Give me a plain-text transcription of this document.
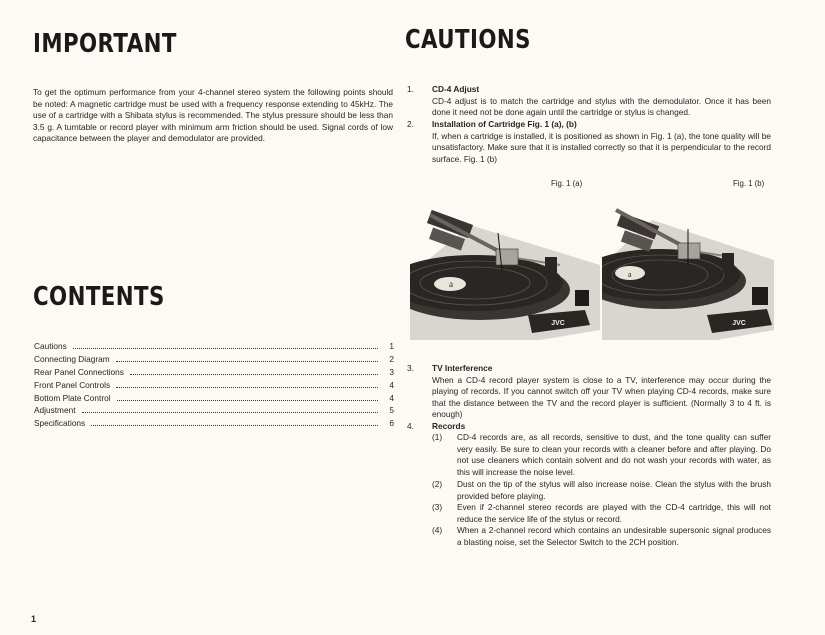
IMPORTANT
To get the optimum performance from your 4-channel stereo system the following points should be noted: A magnetic cartridge must be used with a frequency response extending to 45kHz. The use of a cartridge with a Shibata stylus is recommended. The stylus pressure should be less than 3.5 g. A turntable or record player with minimum arm friction should be used. Signal cords of low capacitance between the player and demodulator are provided.
CONTENTS
Cautions	1
Connecting Diagram	2
Rear Panel Connections	3
Front Panel Controls	4
Bottom Plate Control	4
Adjustment	5
Specifications	6
CAUTIONS
1. CD-4 Adjust
CD-4 adjust is to match the cartridge and stylus with the demodulator. Once it has been done it need not be done again until the cartridge or stylus is changed.
2. Installation of Cartridge Fig. 1 (a), (b)
If, when a cartridge is installed, it is positioned as shown in Fig. 1 (a), the tone quality will be unsatisfactory. Make sure that it is installed correctly so that it is perpendicular to the record surface. Fig. 1 (b)
Fig. 1 (a)	Fig. 1 (b)
a
JVC
a
JVC
3. TV Interference
When a CD-4 record player system is close to a TV, interference may occur during the playing of records. If you cannot switch off your TV when playing CD-4 records, make sure that the distance between the TV and the record player is sufficient. (Normally 3 to 4 ft. is enough)
4. Records
(1) CD-4 records are, as all records, sensitive to dust, and the tone quality can suffer very easily. Be sure to clean your records with a cleaner before and after playing. Do not use cleaners which contain solvent and do not wash your records with water, as this will increase the noise level.
(2) Dust on the tip of the stylus will also increase noise. Clean the stylus with the brush provided before playing.
(3) Even if 2-channel stereo records are played with the CD-4 cartridge, this will not reduce the service life of the stylus or record.
(4) When a 2-channel record which contains an undesirable supersonic signal produces a blasting noise, set the Selector Switch to the 2CH position.
1
